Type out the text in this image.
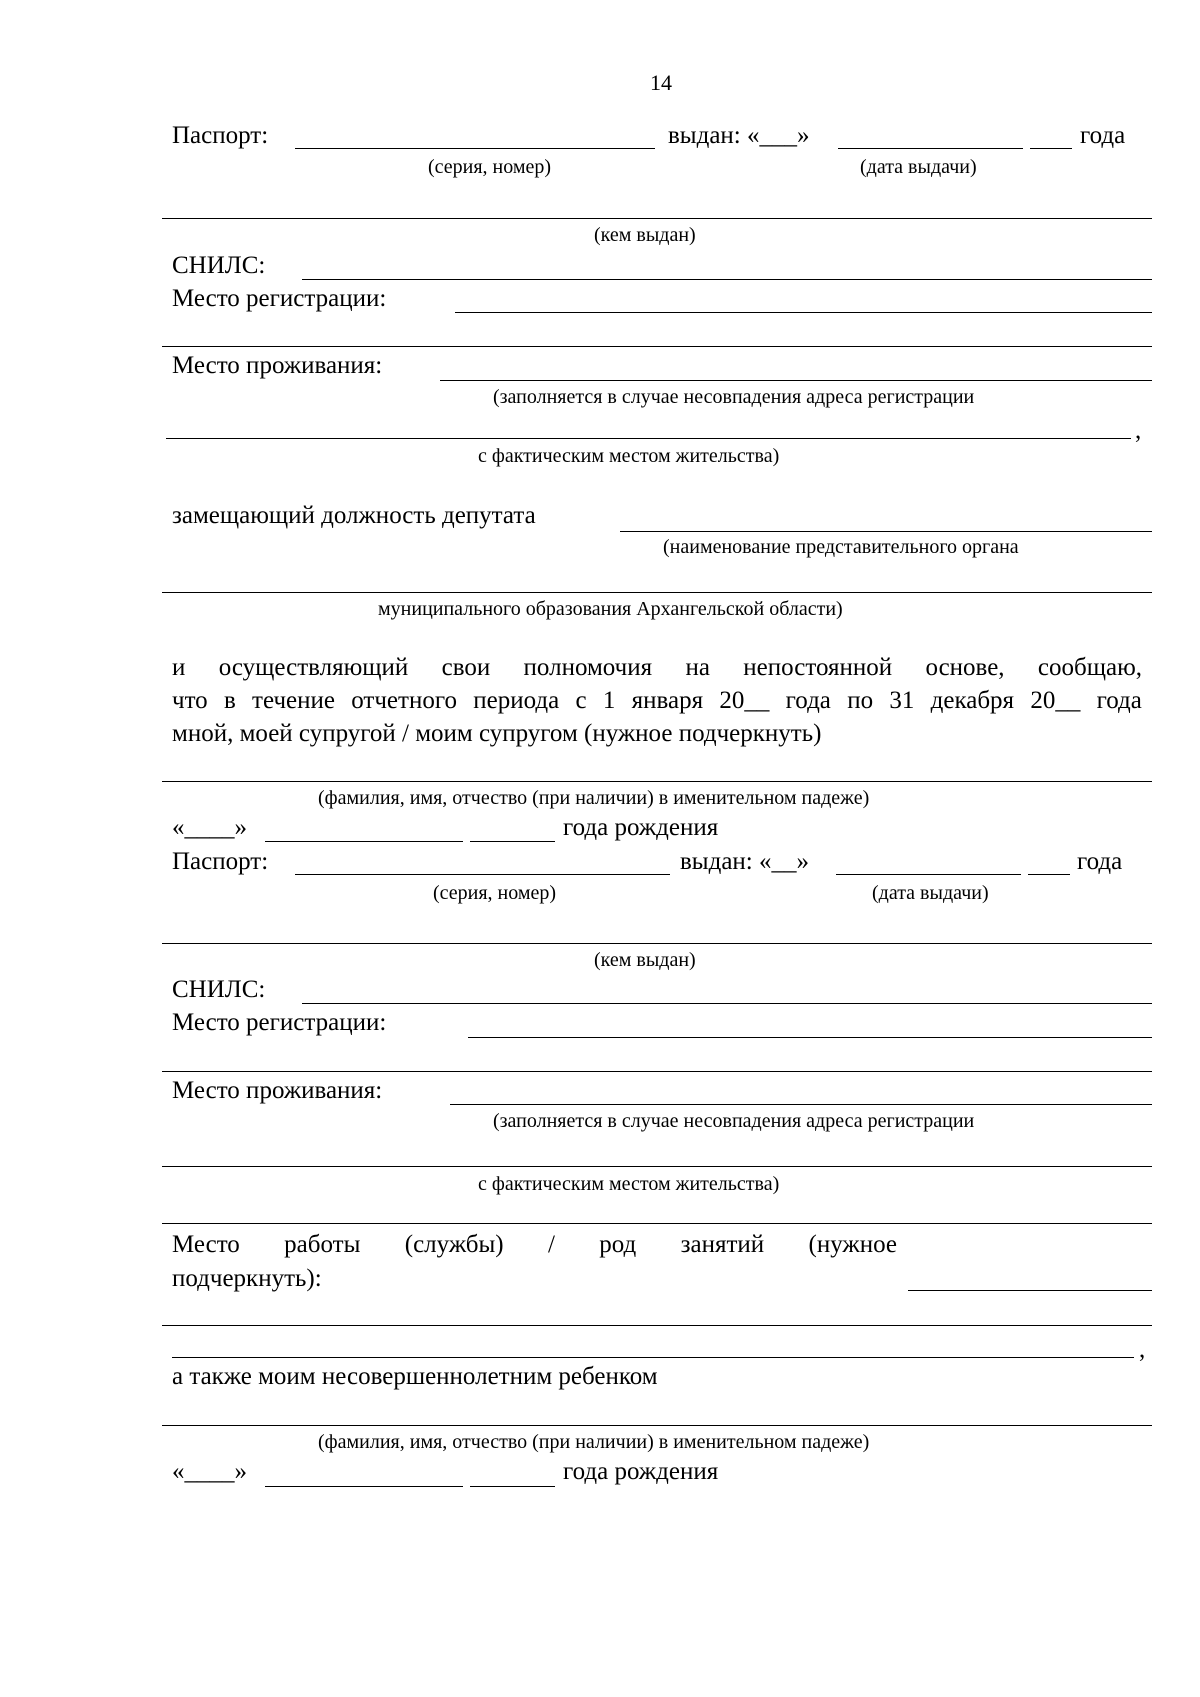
14
Паспорт:	выдан: «___»	года
(серия, номер)	(дата выдачи)
(кем выдан)
СНИЛС:
Место регистрации:
Место проживания:
(заполняется в случае несовпадения адреса регистрации
,
с фактическим местом жительства)
замещающий должность депутата
(наименование представительного органа
муниципального образования Архангельской области)
и осуществляющий свои полномочия на непостоянной основе, сообщаю,
что в течение отчетного периода с 1 января 20__ года по 31 декабря 20__ года
мной, моей супругой / моим супругом (нужное подчеркнуть)
(фамилия, имя, отчество (при наличии) в именительном падеже)
«____»	года рождения
Паспорт:	выдан: «__»	года
(серия, номер)	(дата выдачи)
(кем выдан)
СНИЛС:
Место регистрации:
Место проживания:
(заполняется в случае несовпадения адреса регистрации
с фактическим местом жительства)
Место работы (службы) / род занятий (нужное
подчеркнуть):
,
а также моим несовершеннолетним ребенком
(фамилия, имя, отчество (при наличии) в именительном падеже)
«____»	года рождения
